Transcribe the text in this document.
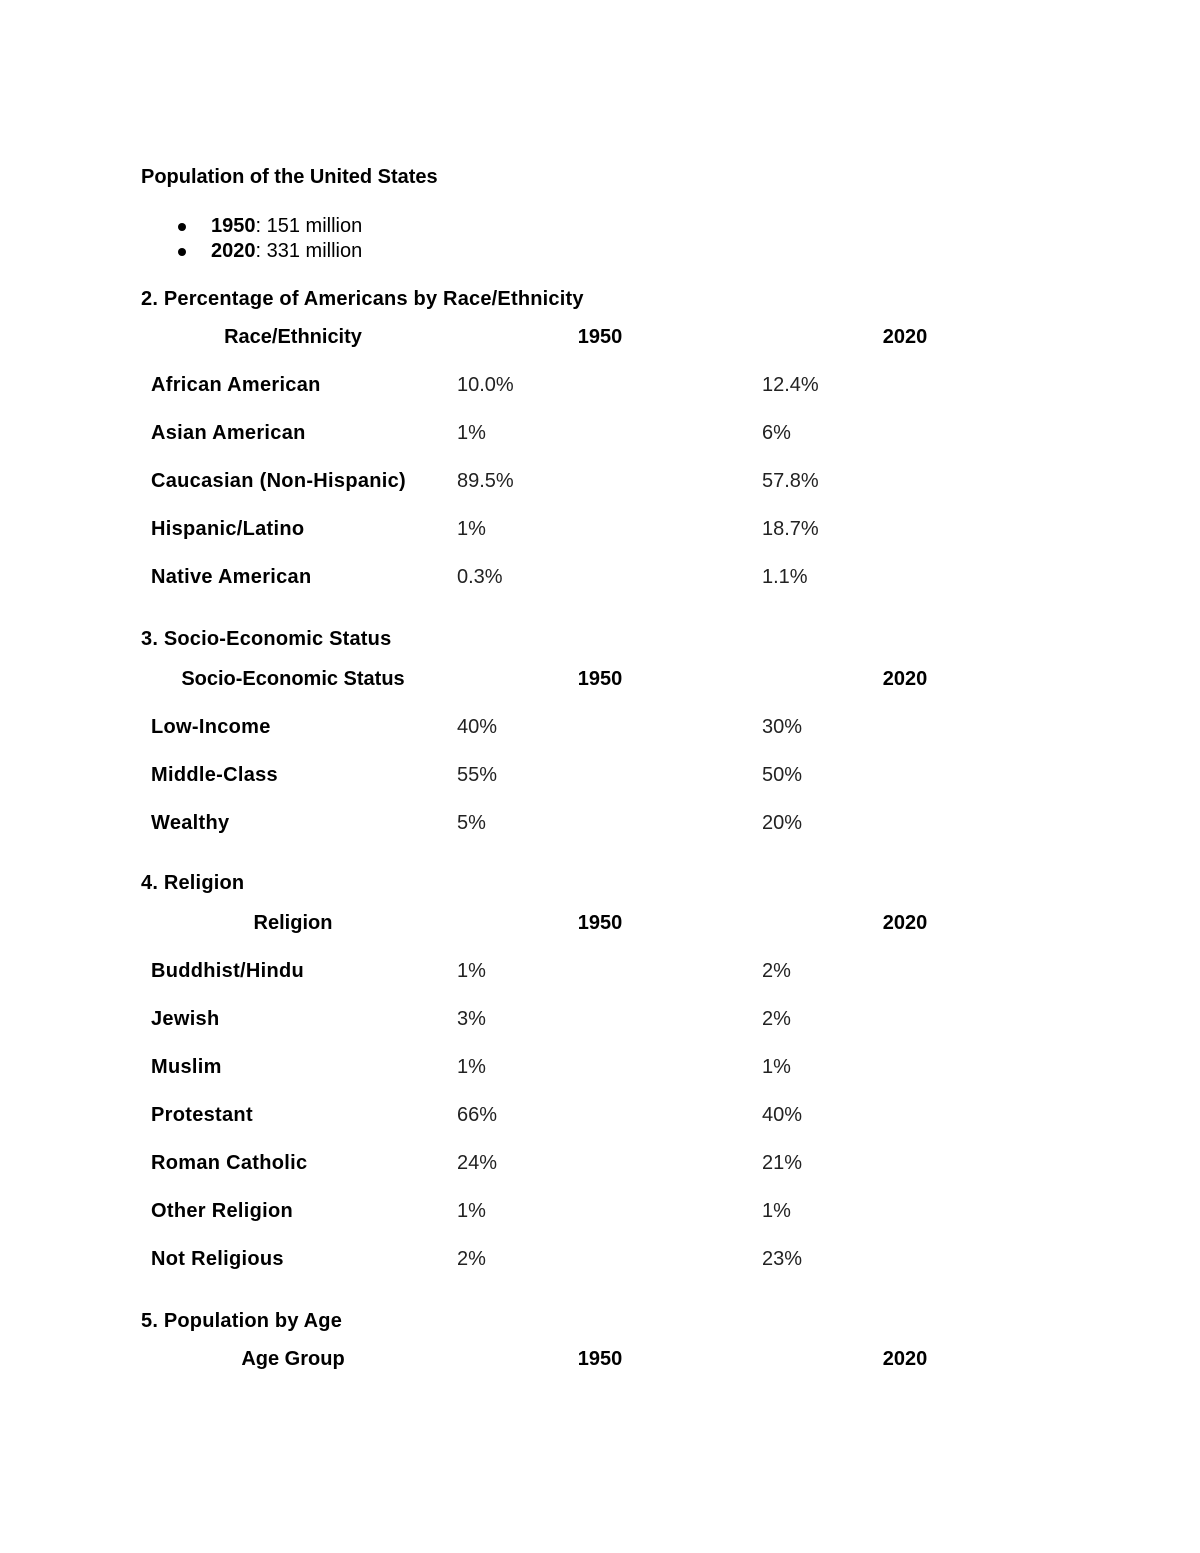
Population of the United States
1950: 151 million
2020: 331 million
2. Percentage of Americans by Race/Ethnicity
Race/Ethnicity	1950	2020
African American	10.0%	12.4%
Asian American	1%	6%
Caucasian (Non-Hispanic)	89.5%	57.8%
Hispanic/Latino	1%	18.7%
Native American	0.3%	1.1%
3. Socio-Economic Status
Socio-Economic Status	1950	2020
Low-Income	40%	30%
Middle-Class	55%	50%
Wealthy	5%	20%
4. Religion
Religion	1950	2020
Buddhist/Hindu	1%	2%
Jewish	3%	2%
Muslim	1%	1%
Protestant	66%	40%
Roman Catholic	24%	21%
Other Religion	1%	1%
Not Religious	2%	23%
5. Population by Age
Age Group	1950	2020
